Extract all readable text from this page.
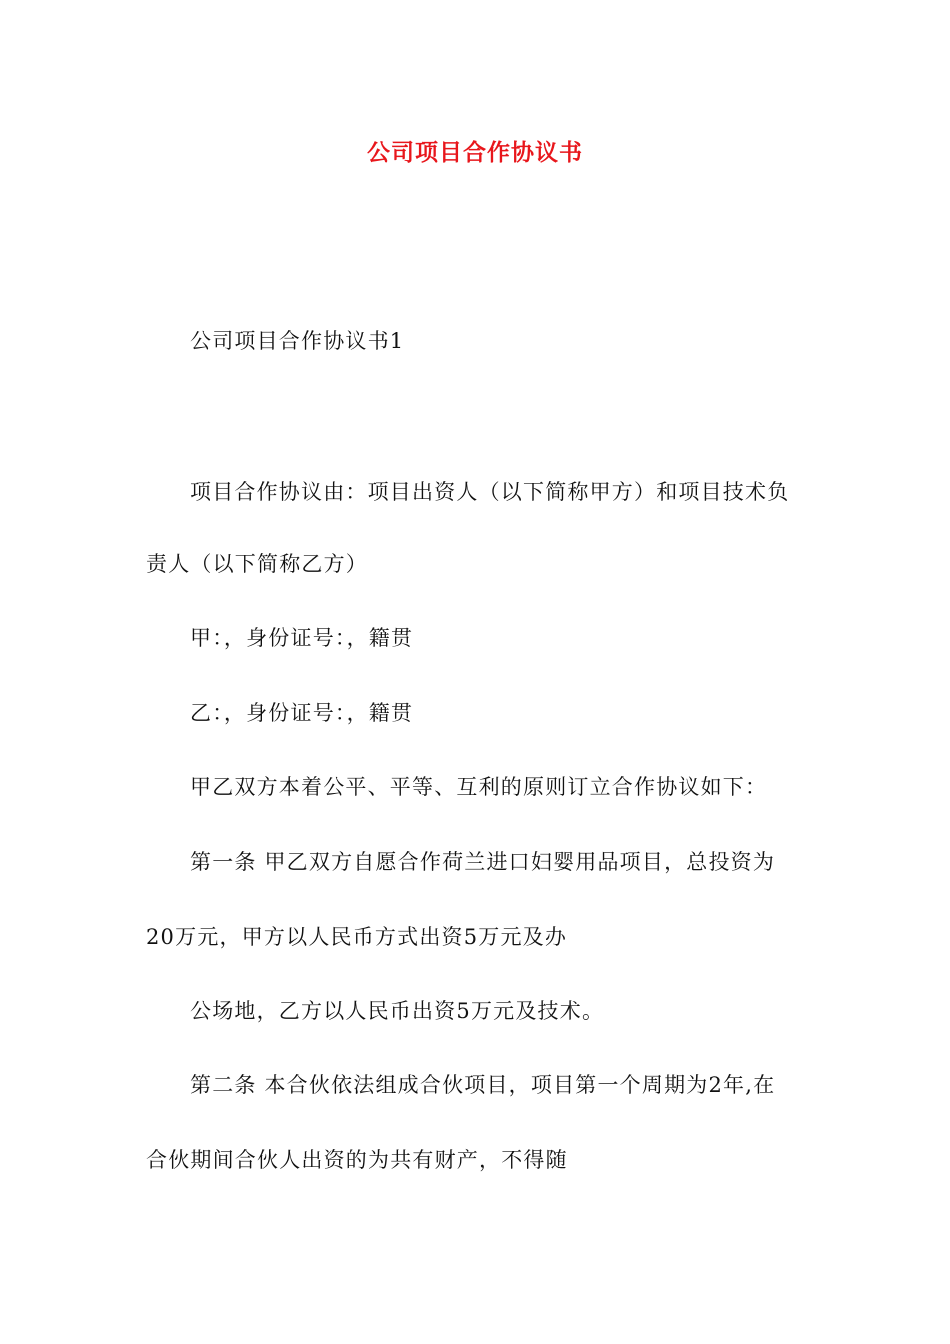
公司项目合作协议书
公司项目合作协议书1
项目合作协议由：项目出资人（以下简称甲方）和项目技术负
责人（以下简称乙方）
甲：，身份证号：，籍贯
乙：，身份证号：，籍贯
甲乙双方本着公平、平等、互利的原则订立合作协议如下：
第一条 甲乙双方自愿合作荷兰进口妇婴用品项目，总投资为
20万元，甲方以人民币方式出资5万元及办
公场地，乙方以人民币出资5万元及技术。
第二条 本合伙依法组成合伙项目，项目第一个周期为2年,在
合伙期间合伙人出资的为共有财产，不得随
